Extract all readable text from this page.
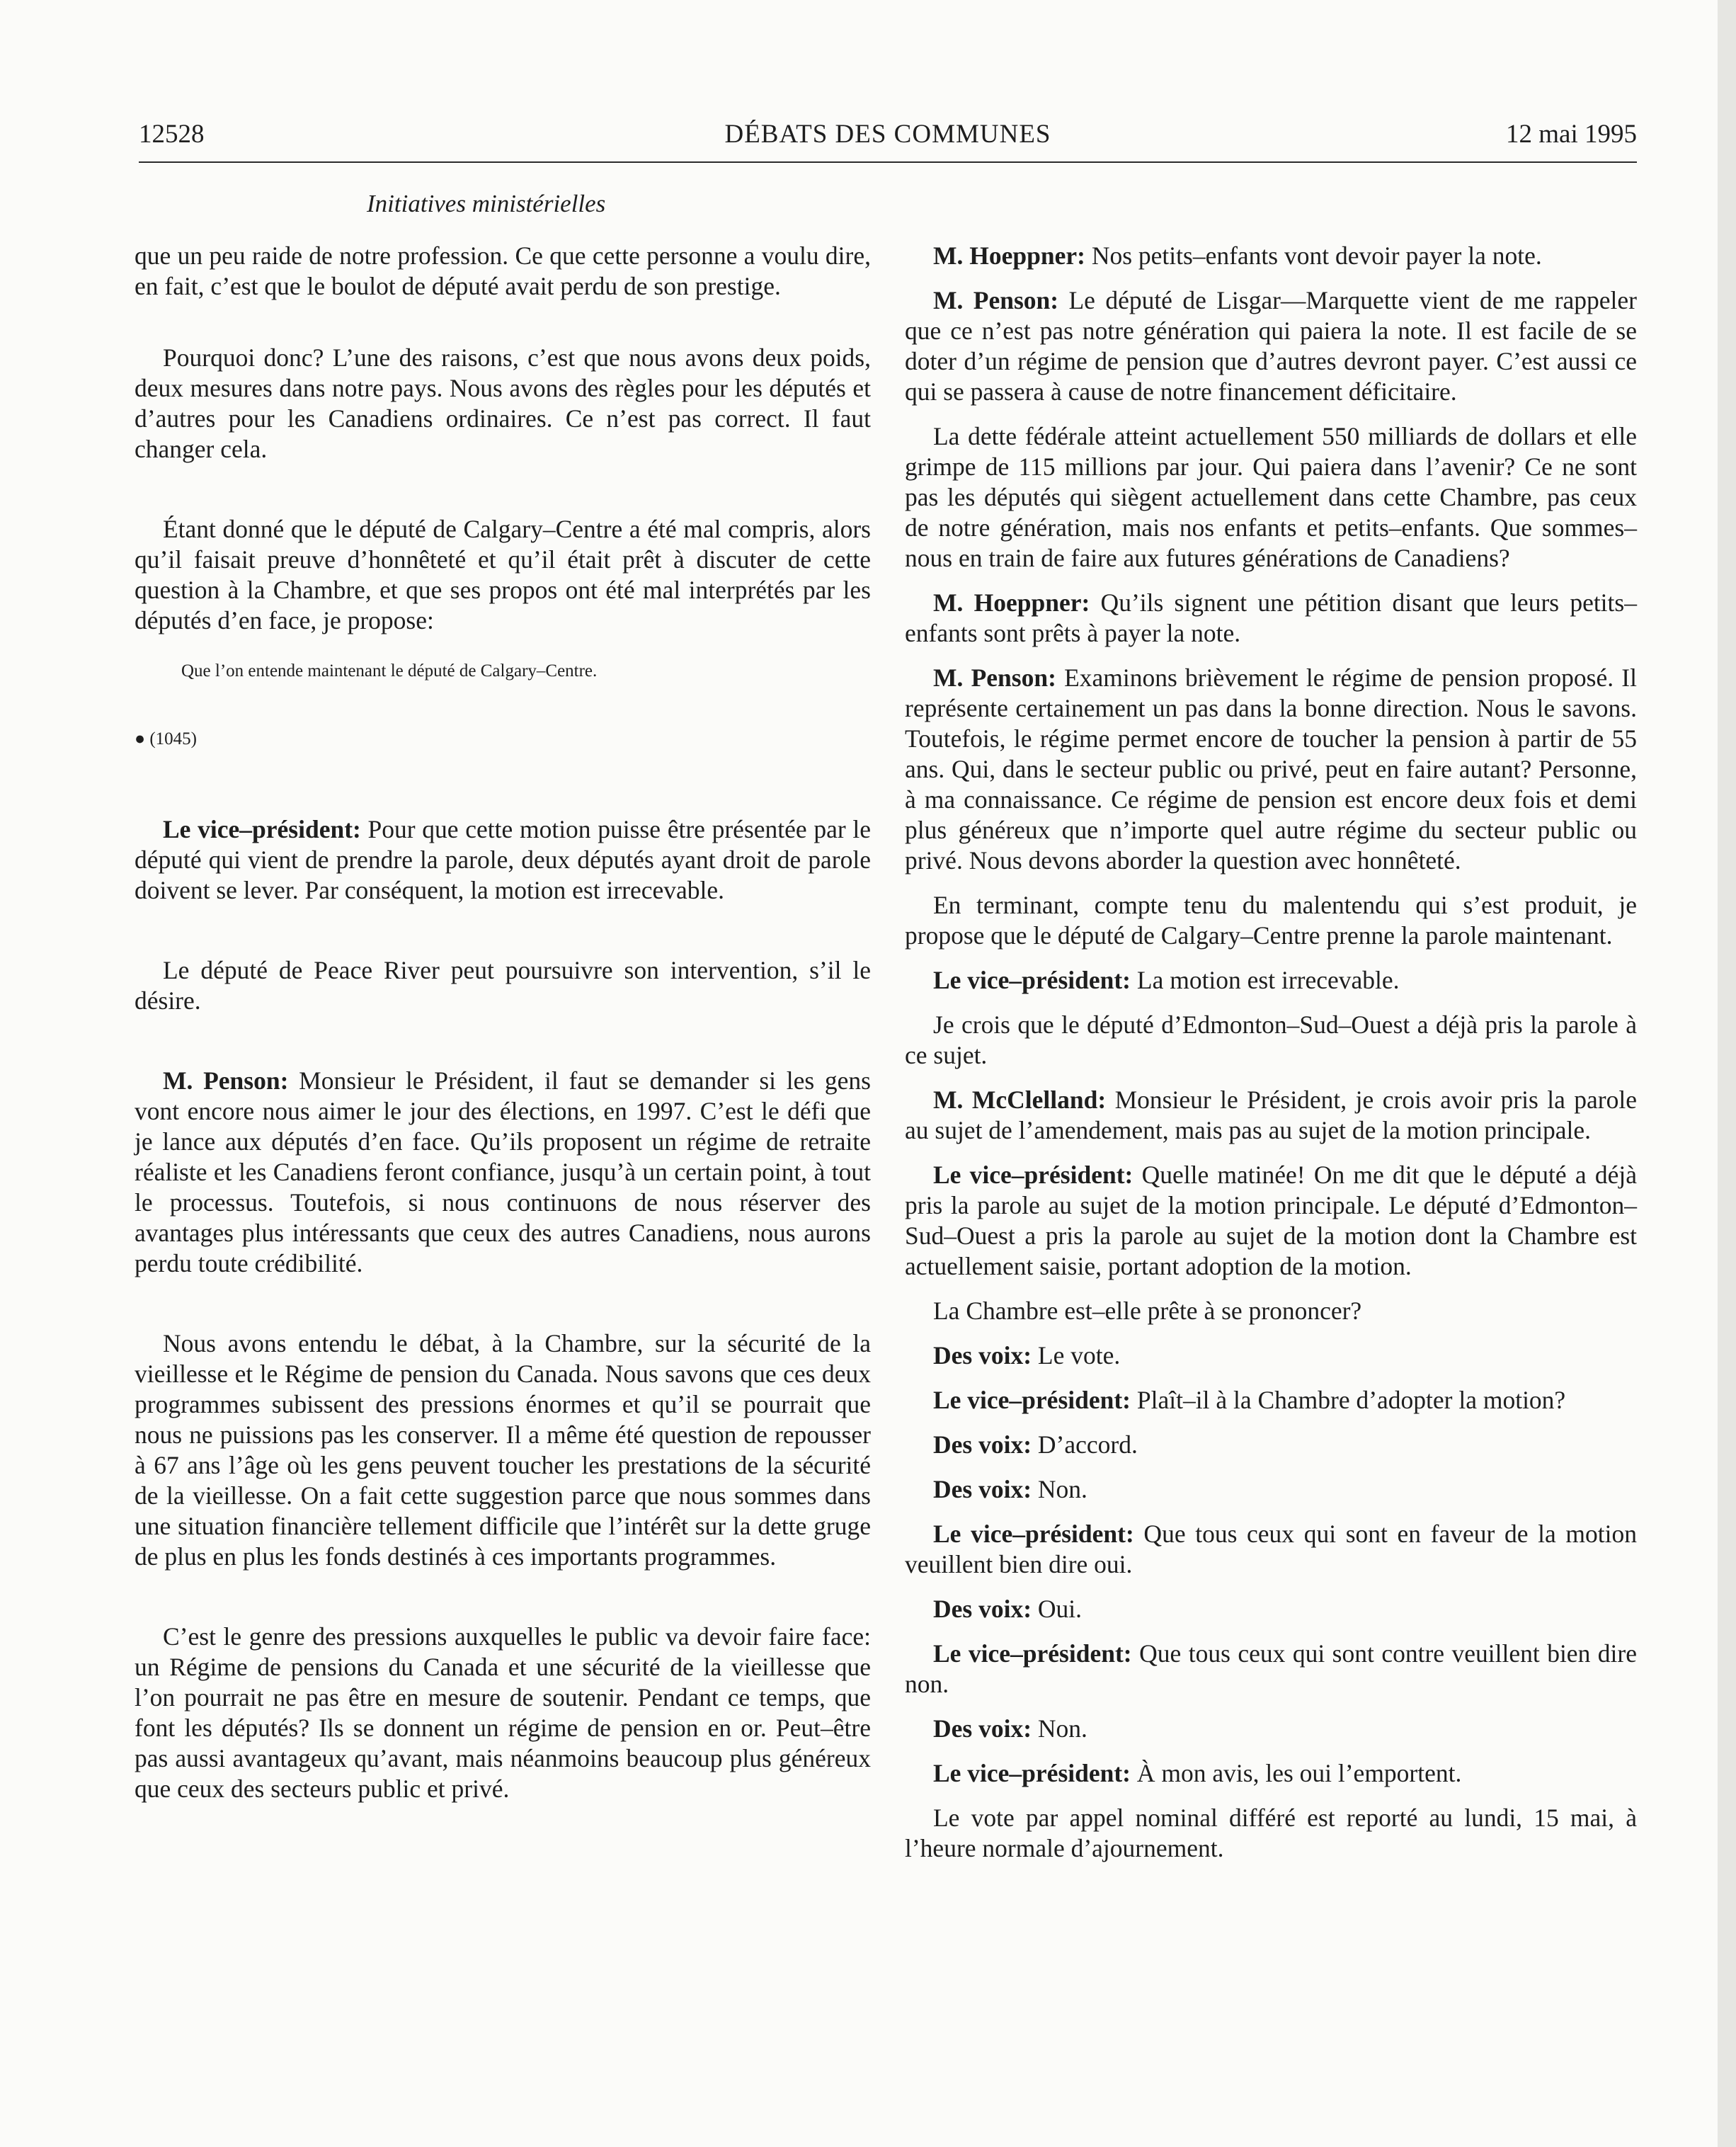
DÉBATS DES COMMUNES
12528	12 mai 1995
Initiatives ministérielles

que un peu raide de notre profession. Ce que cette personne a voulu dire, en fait, c’est que le boulot de député avait perdu de son prestige.

Pourquoi donc? L’une des raisons, c’est que nous avons deux poids, deux mesures dans notre pays. Nous avons des règles pour les députés et d’autres pour les Canadiens ordinaires. Ce n’est pas correct. Il faut changer cela.

Étant donné que le député de Calgary–Centre a été mal compris, alors qu’il faisait preuve d’honnêteté et qu’il était prêt à discuter de cette question à la Chambre, et que ses propos ont été mal interprétés par les députés d’en face, je propose:

Que l’on entende maintenant le député de Calgary–Centre.

● (1045)

Le vice–président: Pour que cette motion puisse être présentée par le député qui vient de prendre la parole, deux députés ayant droit de parole doivent se lever. Par conséquent, la motion est irrecevable.

Le député de Peace River peut poursuivre son intervention, s’il le désire.

M. Penson: Monsieur le Président, il faut se demander si les gens vont encore nous aimer le jour des élections, en 1997. C’est le défi que je lance aux députés d’en face. Qu’ils proposent un régime de retraite réaliste et les Canadiens feront confiance, jusqu’à un certain point, à tout le processus. Toutefois, si nous continuons de nous réserver des avantages plus intéressants que ceux des autres Canadiens, nous aurons perdu toute crédibilité.

Nous avons entendu le débat, à la Chambre, sur la sécurité de la vieillesse et le Régime de pension du Canada. Nous savons que ces deux programmes subissent des pressions énormes et qu’il se pourrait que nous ne puissions pas les conserver. Il a même été question de repousser à 67 ans l’âge où les gens peuvent toucher les prestations de la sécurité de la vieillesse. On a fait cette suggestion parce que nous sommes dans une situation financière tellement difficile que l’intérêt sur la dette gruge de plus en plus les fonds destinés à ces importants programmes.

C’est le genre des pressions auxquelles le public va devoir faire face: un Régime de pensions du Canada et une sécurité de la vieillesse que l’on pourrait ne pas être en mesure de soutenir. Pendant ce temps, que font les députés? Ils se donnent un régime de pension en or. Peut–être pas aussi avantageux qu’avant, mais néanmoins beaucoup plus généreux que ceux des secteurs public et privé.

M. Hoeppner: Nos petits–enfants vont devoir payer la note.

M. Penson: Le député de Lisgar—Marquette vient de me rappeler que ce n’est pas notre génération qui paiera la note. Il est facile de se doter d’un régime de pension que d’autres devront payer. C’est aussi ce qui se passera à cause de notre financement déficitaire.

La dette fédérale atteint actuellement 550 milliards de dollars et elle grimpe de 115 millions par jour. Qui paiera dans l’avenir? Ce ne sont pas les députés qui siègent actuellement dans cette Chambre, pas ceux de notre génération, mais nos enfants et petits–enfants. Que sommes–nous en train de faire aux futures générations de Canadiens?

M. Hoeppner: Qu’ils signent une pétition disant que leurs petits–enfants sont prêts à payer la note.

M. Penson: Examinons brièvement le régime de pension proposé. Il représente certainement un pas dans la bonne direction. Nous le savons. Toutefois, le régime permet encore de toucher la pension à partir de 55 ans. Qui, dans le secteur public ou privé, peut en faire autant? Personne, à ma connaissance. Ce régime de pension est encore deux fois et demi plus généreux que n’importe quel autre régime du secteur public ou privé. Nous devons aborder la question avec honnêteté.

En terminant, compte tenu du malentendu qui s’est produit, je propose que le député de Calgary–Centre prenne la parole maintenant.

Le vice–président: La motion est irrecevable.

Je crois que le député d’Edmonton–Sud–Ouest a déjà pris la parole à ce sujet.

M. McClelland: Monsieur le Président, je crois avoir pris la parole au sujet de l’amendement, mais pas au sujet de la motion principale.

Le vice–président: Quelle matinée! On me dit que le député a déjà pris la parole au sujet de la motion principale. Le député d’Edmonton–Sud–Ouest a pris la parole au sujet de la motion dont la Chambre est actuellement saisie, portant adoption de la motion.

La Chambre est–elle prête à se prononcer?

Des voix: Le vote.

Le vice–président: Plaît–il à la Chambre d’adopter la motion?

Des voix: D’accord.

Des voix: Non.

Le vice–président: Que tous ceux qui sont en faveur de la motion veuillent bien dire oui.

Des voix: Oui.

Le vice–président: Que tous ceux qui sont contre veuillent bien dire non.

Des voix: Non.

Le vice–président: À mon avis, les oui l’emportent.

Le vote par appel nominal différé est reporté au lundi, 15 mai, à l’heure normale d’ajournement.
